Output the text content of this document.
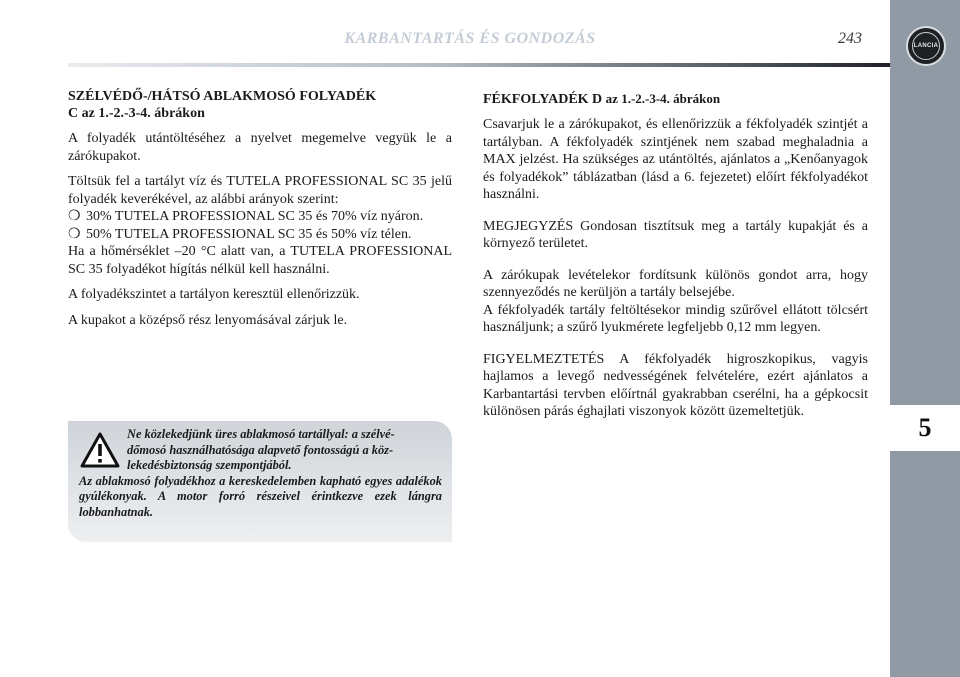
KARBANTARTÁS ÉS GONDOZÁS	243	LANCIA
5
SZÉLVÉDŐ-/HÁTSÓ ABLAKMOSÓ FOLYADÉK
C az 1.-2.-3-4. ábrákon

A folyadék utántöltéséhez a nyelvet megemelve vegyük le a zárókupakot.

Töltsük fel a tartályt víz és TUTELA PROFESSIONAL SC 35 jelű folyadék keverékével, az alábbi arányok szerint:

❍ 30% TUTELA PROFESSIONAL SC 35 és 70% víz nyáron.
❍ 50% TUTELA PROFESSIONAL SC 35 és 50% víz télen.

Ha a hőmérséklet –20 °C alatt van, a TUTELA PROFESSIONAL SC 35 folyadékot hígítás nélkül kell használni.

A folyadékszintet a tartályon keresztül ellenőrizzük.

A kupakot a középső rész lenyomásával zárjuk le.

Ne közlekedjünk üres ablakmosó tartállyal: a szélvé-
dőmosó használhatósága alapvető fontosságú a köz-
lekedésbiztonság szempontjából.
Az ablakmosó folyadékhoz a kereskedelemben kapható egyes adalékok gyúlékonyak. A motor forró részeivel érintkezve ezek lángra lobbanhatnak.
FÉKFOLYADÉK D az 1.-2.-3-4. ábrákon

Csavarjuk le a zárókupakot, és ellenőrizzük a fékfolyadék szintjét a tartályban. A fékfolyadék szintjének nem szabad meghaladnia a MAX jelzést. Ha szükséges az utántöltés, ajánlatos a „Kenőanyagok és folyadékok” táblázatban (lásd a 6. fejezetet) előírt fékfolyadékot használni.

MEGJEGYZÉS Gondosan tisztítsuk meg a tartály kupakját és a környező területet.

A zárókupak levételekor fordítsunk különös gondot arra, hogy szennyeződés ne kerüljön a tartály belsejébe.

A fékfolyadék tartály feltöltésekor mindig szűrővel ellátott tölcsért használjunk; a szűrő lyukmérete legfeljebb 0,12 mm legyen.

FIGYELMEZTETÉS A fékfolyadék higroszkopikus, vagyis hajlamos a levegő nedvességének felvételére, ezért ajánlatos a Karbantartási tervben előírtnál gyakrabban cserélni, ha a gépkocsit különösen párás éghajlati viszonyok között üzemeltetjük.
